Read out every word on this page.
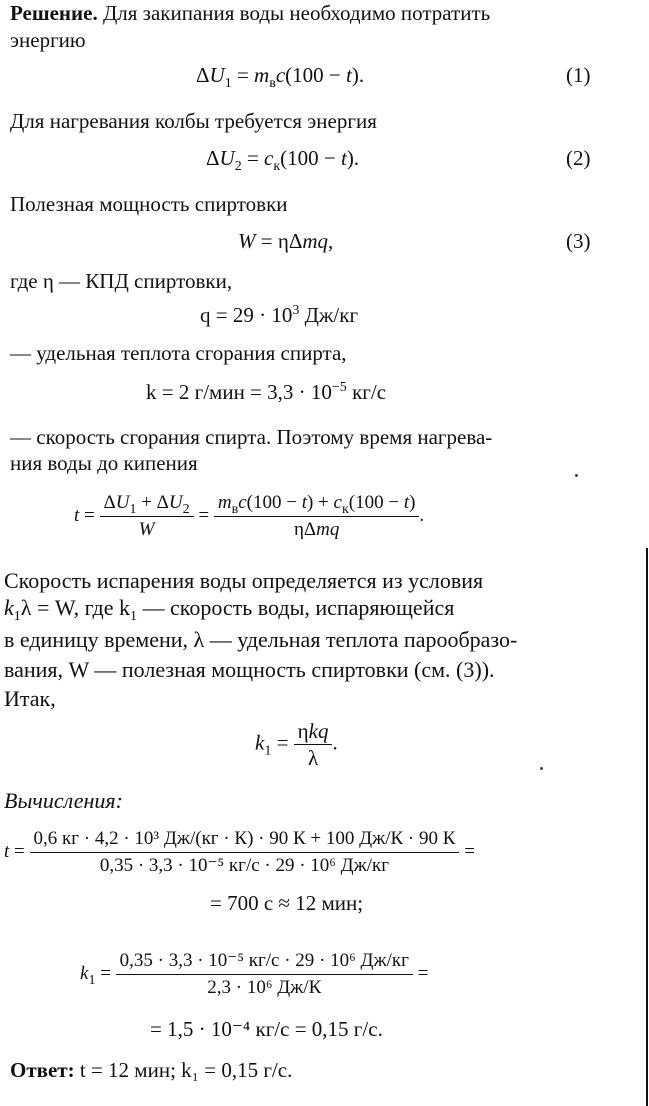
Решение. Для закипания воды необходимо потратить
энергию
$\Delta U_1 = m_вc(100 - t)$.	(1)
Для нагревания колбы требуется энергия
$\Delta U_2 = c_к(100 - t)$.	(2)
Полезная мощность спиртовки
W = ηΔmq,	(3)
где η — КПД спиртовки,
$q = 29 \cdot 10^3$ Дж/кг
— удельная теплота сгорания спирта,
k = 2 $г/мин = 3,3 \cdot 10^{-5}$ кг/с
— скорость сгорания спирта. Поэтому время нагрева-
ния воды до кипения
$t = \frac{\Delta U_1 + \Delta U_2}{W} = \frac{m_вc(100 - t) + c_к(100 - t)}{\text{ηΔmq}}$ .
Скорость испарения воды определяется из условия
$k_1\lambda = W$, где $k_1$ — скорость воды, испаряющейся
в единицу времени, λ — удельная теплота парообразо-
вания, W — полезная мощность спиртовки (см. (3)).
Итак,
$k_1 = \frac{\text{ηkq}}{\lambda}$ .
Вычисления:
$t = \frac{\text{0,6 кг · 4,2 · 10³ Дж/(кг · К) · 90 К + 100 Дж/К · 90 К}}{\text{0,35 · 3,3 · 10⁻⁵ кг/с · 29 · 10⁶ Дж/кг}}$ =
= 700 с ≈ 12 мин;
$k_1 = \frac{\text{0,35 · 3,3 · 10⁻⁵ кг/с · 29 · 10⁶ Дж/кг}}{\text{2,3 · 10⁶ Дж/К}}$ =
= 1,5 · 10⁻⁴ кг/с = 0,15 г/с.
Ответ: t = 12 мин; k₁ = 0,15 г/с.
